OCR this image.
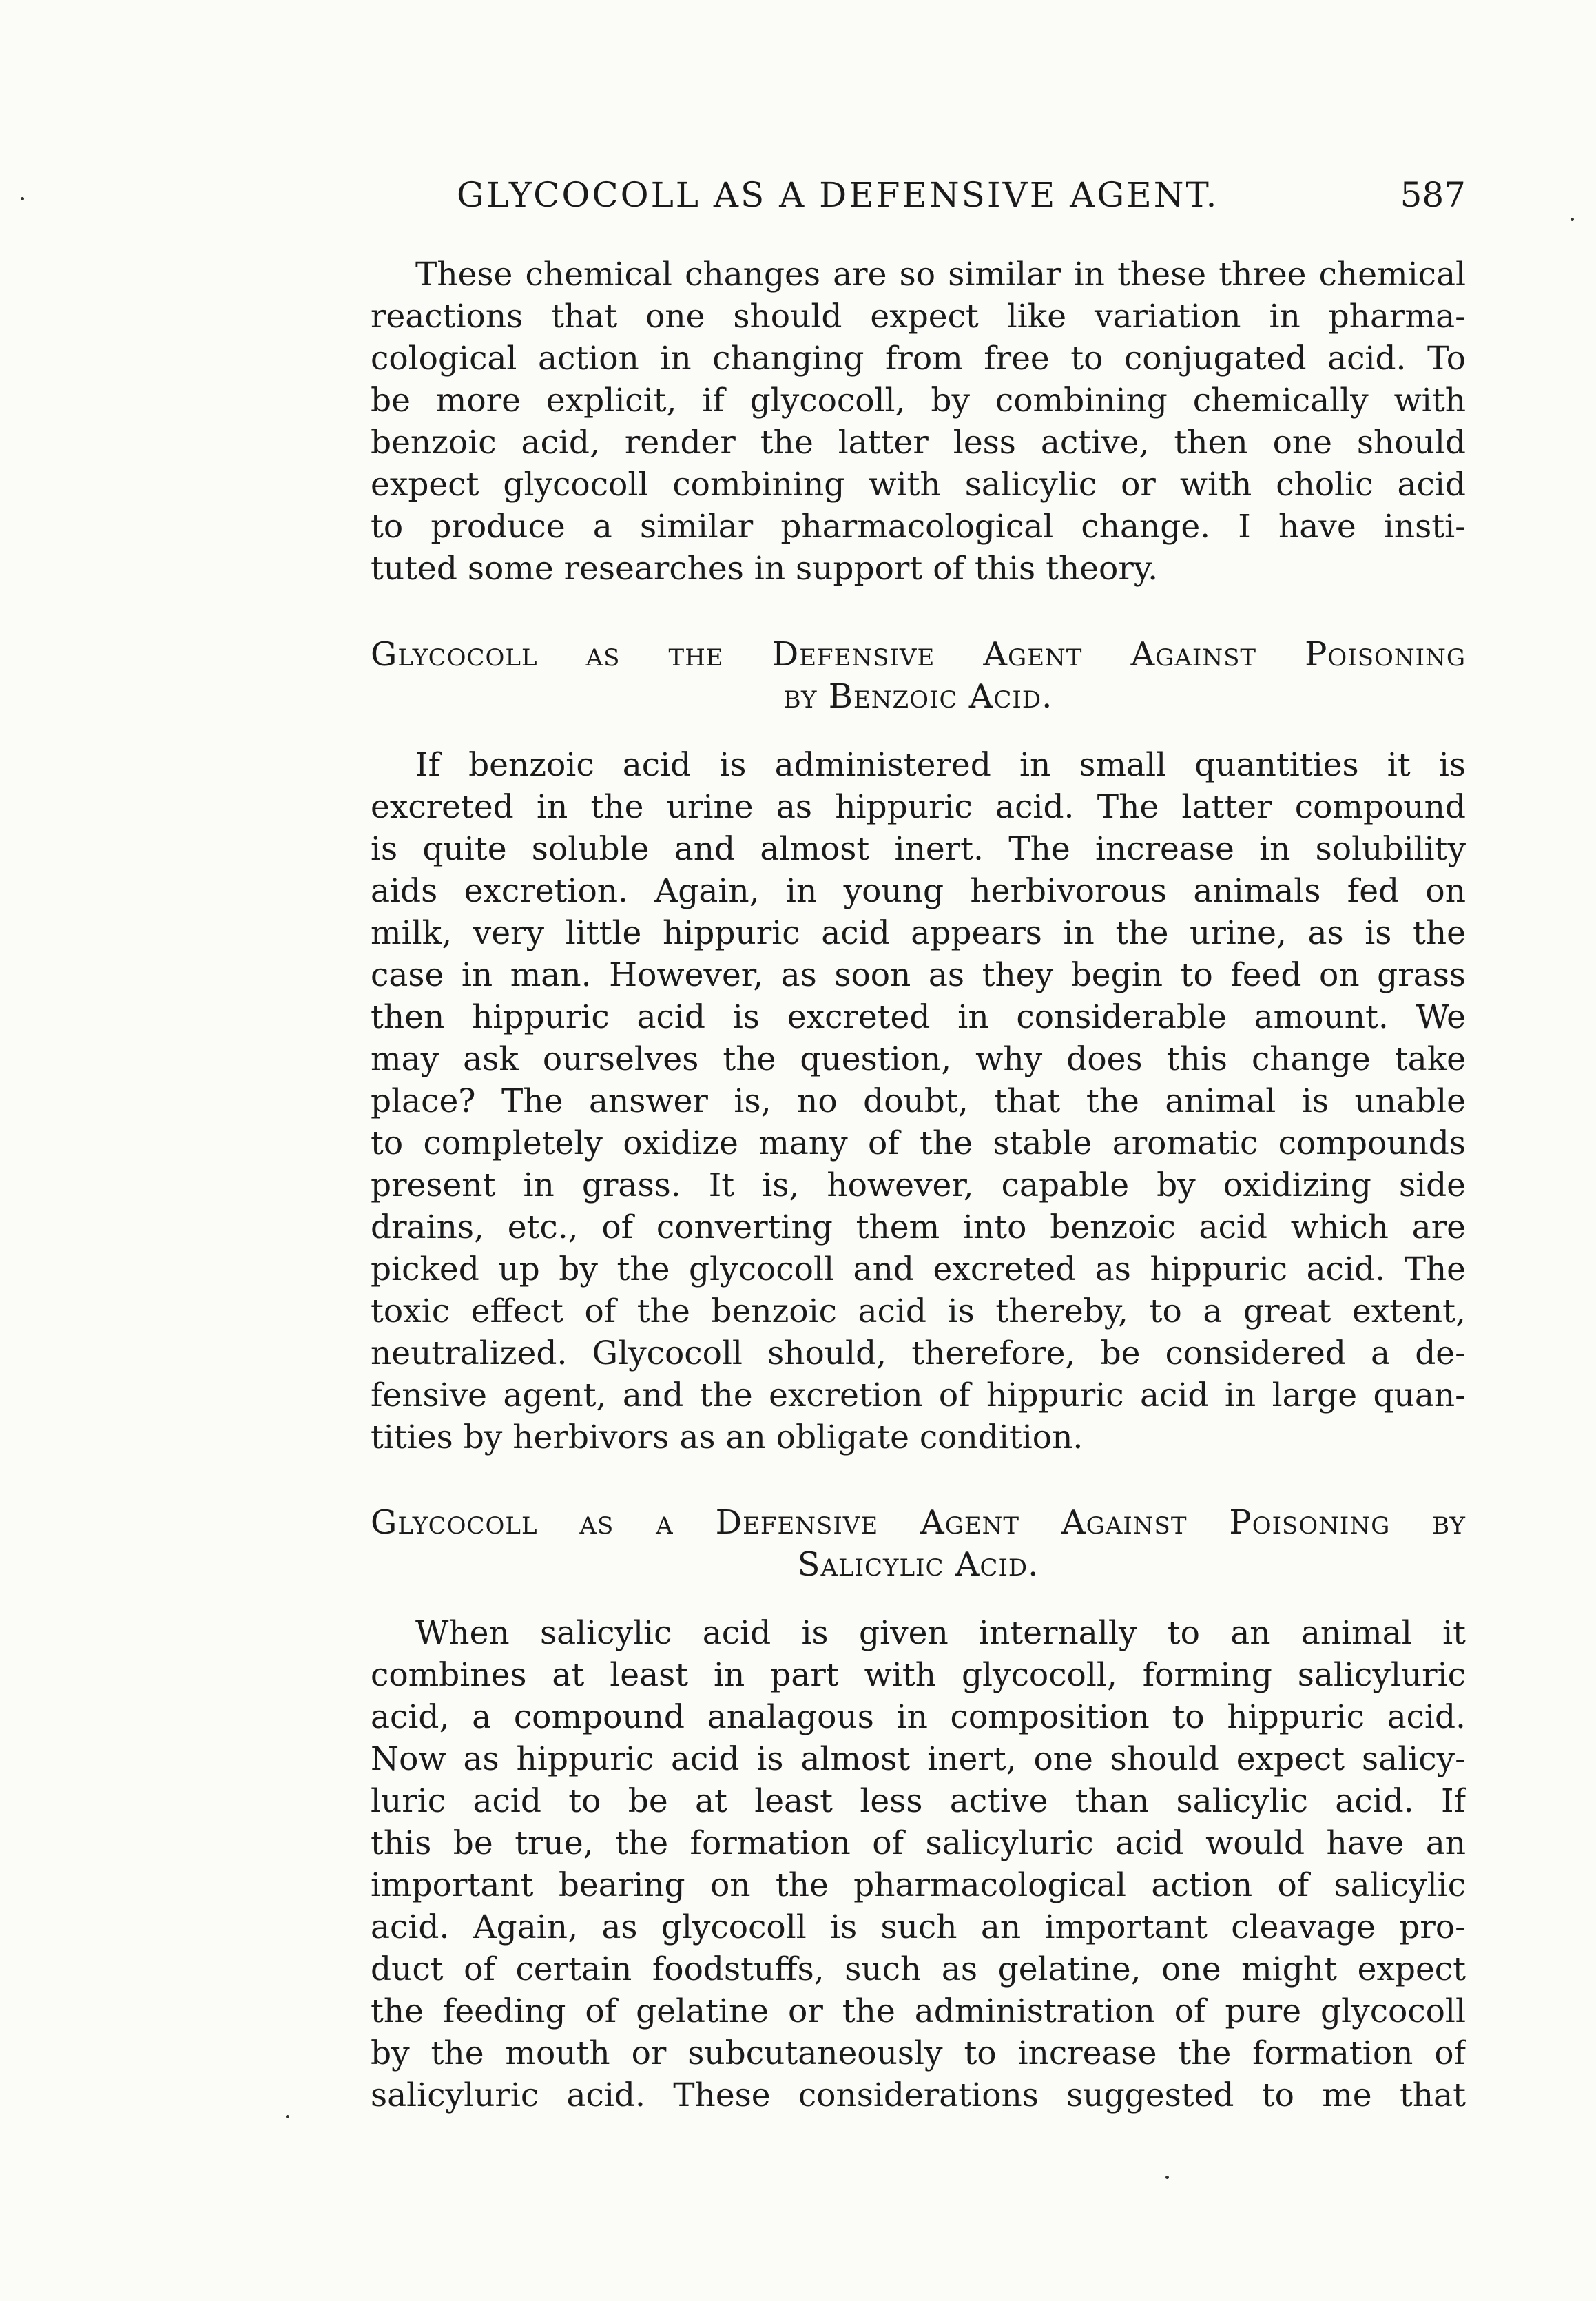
GLYCOCOLL AS A DEFENSIVE AGENT.	587
These chemical changes are so similar in these three chemical
reactions that one should expect like variation in pharma-
cological action in changing from free to conjugated acid. To
be more explicit, if glycocoll, by combining chemically with
benzoic acid, render the latter less active, then one should
expect glycocoll combining with salicylic or with cholic acid
to produce a similar pharmacological change. I have insti-
tuted some researches in support of this theory.
Glycocoll as the Defensive Agent Against Poisoning
by Benzoic Acid.
If benzoic acid is administered in small quantities it is
excreted in the urine as hippuric acid. The latter compound
is quite soluble and almost inert. The increase in solubility
aids excretion. Again, in young herbivorous animals fed on
milk, very little hippuric acid appears in the urine, as is the
case in man. However, as soon as they begin to feed on grass
then hippuric acid is excreted in considerable amount. We
may ask ourselves the question, why does this change take
place? The answer is, no doubt, that the animal is unable
to completely oxidize many of the stable aromatic compounds
present in grass. It is, however, capable by oxidizing side
drains, etc., of converting them into benzoic acid which are
picked up by the glycocoll and excreted as hippuric acid. The
toxic effect of the benzoic acid is thereby, to a great extent,
neutralized. Glycocoll should, therefore, be considered a de-
fensive agent, and the excretion of hippuric acid in large quan-
tities by herbivors as an obligate condition.
Glycocoll as a Defensive Agent Against Poisoning by
Salicylic Acid.
When salicylic acid is given internally to an animal it
combines at least in part with glycocoll, forming salicyluric
acid, a compound analagous in composition to hippuric acid.
Now as hippuric acid is almost inert, one should expect salicy-
luric acid to be at least less active than salicylic acid. If
this be true, the formation of salicyluric acid would have an
important bearing on the pharmacological action of salicylic
acid. Again, as glycocoll is such an important cleavage pro-
duct of certain foodstuffs, such as gelatine, one might expect
the feeding of gelatine or the administration of pure glycocoll
by the mouth or subcutaneously to increase the formation of
salicyluric acid. These considerations suggested to me that
